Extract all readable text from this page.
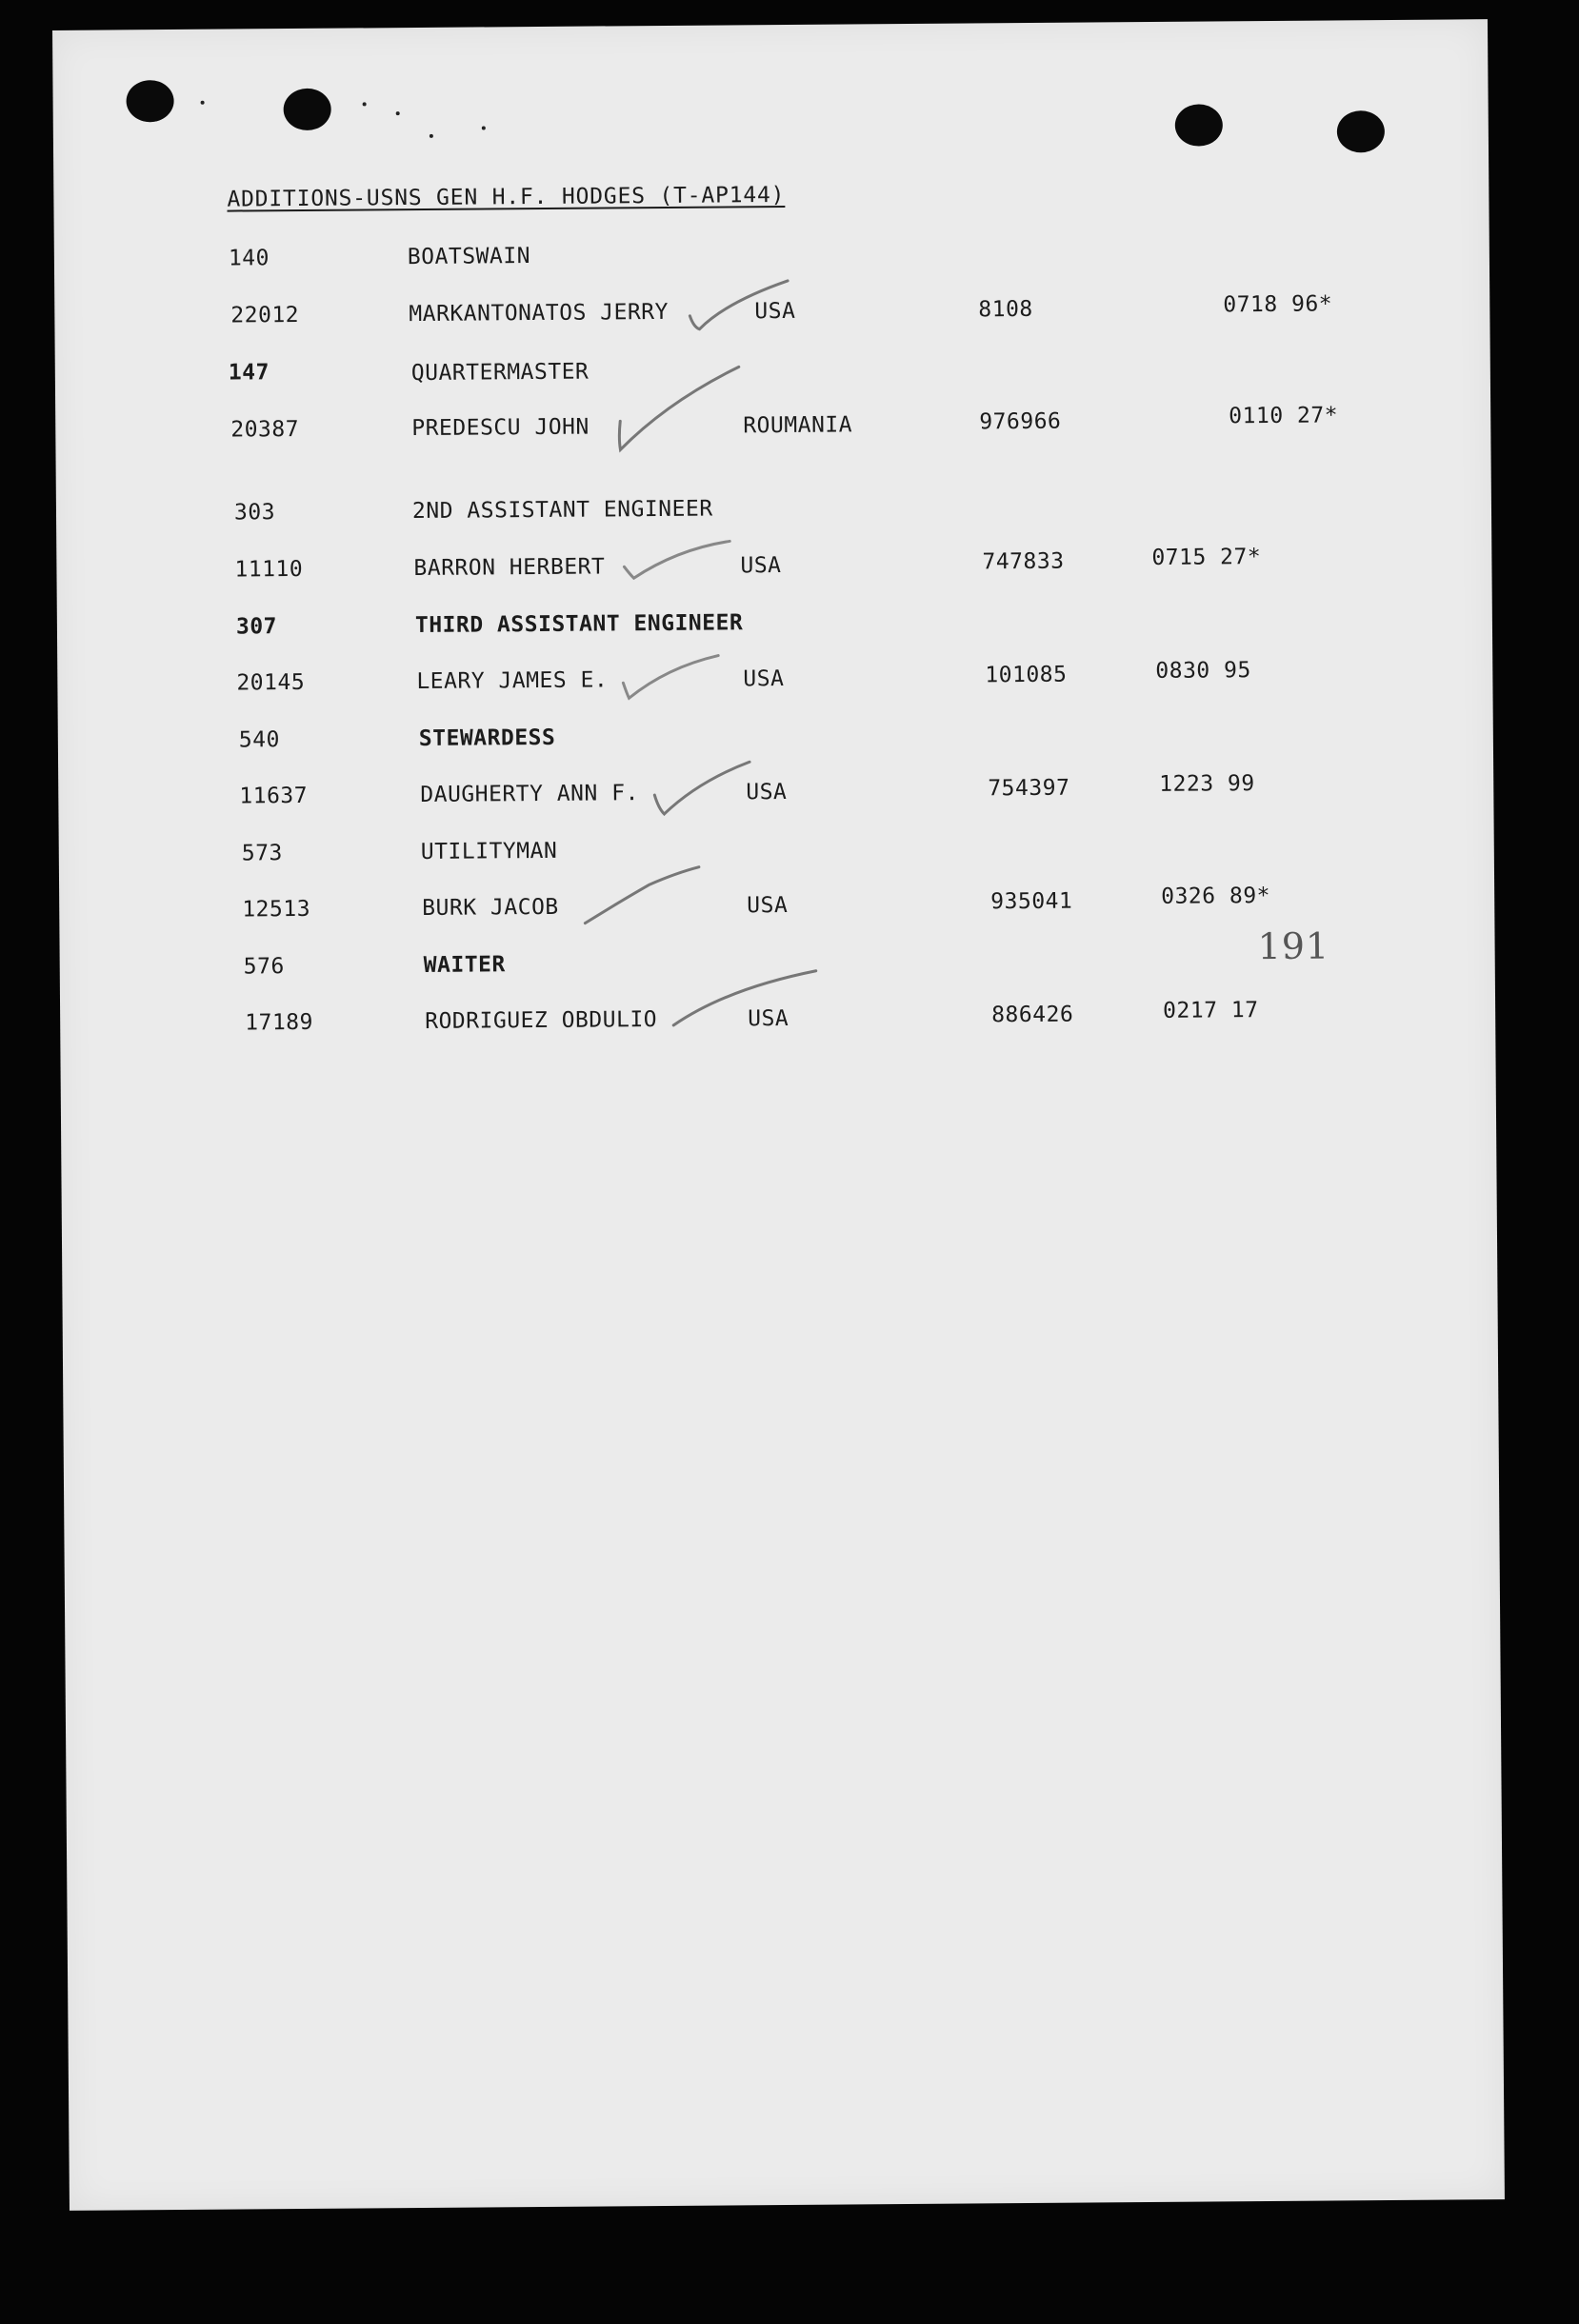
ADDITIONS-USNS GEN H.F. HODGES (T-AP144)
140	BOATSWAIN
22012	MARKANTONATOS JERRY	USA	8108	0718 96*
147	QUARTERMASTER
20387	PREDESCU JOHN	ROUMANIA	976966	0110 27*
303	2ND ASSISTANT ENGINEER
11110	BARRON HERBERT	USA	747833	0715 27*
307	THIRD ASSISTANT ENGINEER
20145	LEARY JAMES E.	USA	101085	0830 95
540	STEWARDESS
11637	DAUGHERTY ANN F.	USA	754397	1223 99
573	UTILITYMAN
12513	BURK JACOB	USA	935041	0326 89*
576	WAITER	191
17189	RODRIGUEZ OBDULIO	USA	886426	0217 17
